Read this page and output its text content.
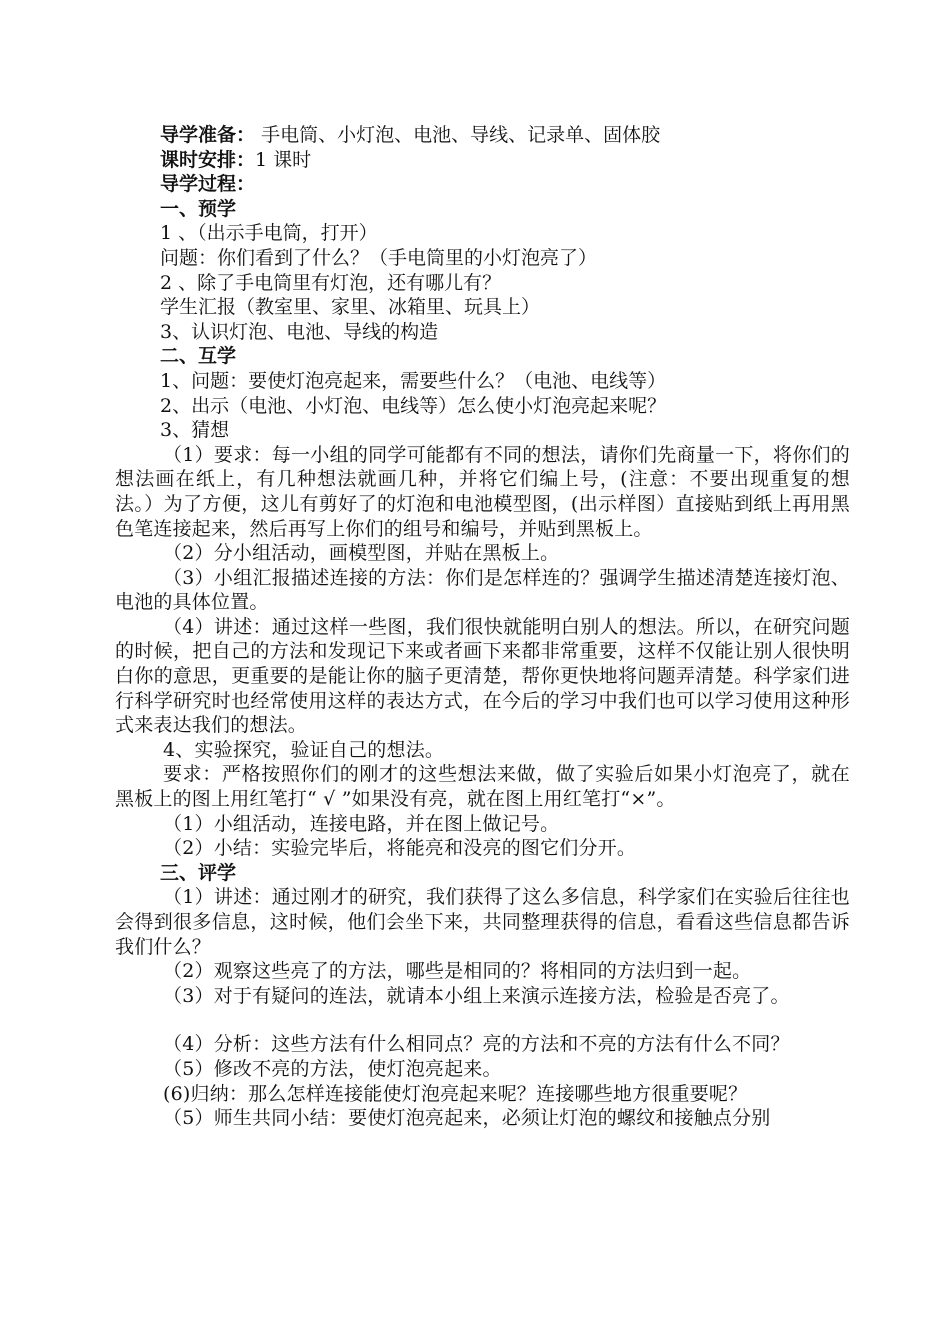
导学准备： 手电筒、小灯泡、电池、导线、记录单、固体胶
课时安排：1 课时
导学过程：
一、预学
1 、（出示手电筒，打开）
问题：你们看到了什么？（手电筒里的小灯泡亮了）
2 、除了手电筒里有灯泡，还有哪儿有？
学生汇报（教室里、家里、冰箱里、玩具上）
3、认识灯泡、电池、导线的构造
二、互学
1、问题：要使灯泡亮起来，需要些什么？（电池、电线等）
2、出示（电池、小灯泡、电线等）怎么使小灯泡亮起来呢？
3、猜想
（1）要求：每一小组的同学可能都有不同的想法，请你们先商量一下，将你们的想法画在纸上，有几种想法就画几种，并将它们编上号，(注意：不要出现重复的想法。）为了方便，这儿有剪好了的灯泡和电池模型图，(出示样图）直接贴到纸上再用黑色笔连接起来，然后再写上你们的组号和编号，并贴到黑板上。
（2）分小组活动，画模型图，并贴在黑板上。
（3）小组汇报描述连接的方法：你们是怎样连的？强调学生描述清楚连接灯泡、电池的具体位置。
（4）讲述：通过这样一些图，我们很快就能明白别人的想法。所以，在研究问题的时候，把自己的方法和发现记下来或者画下来都非常重要，这样不仅能让别人很快明白你的意思，更重要的是能让你的脑子更清楚，帮你更快地将问题弄清楚。科学家们进行科学研究时也经常使用这样的表达方式，在今后的学习中我们也可以学习使用这种形式来表达我们的想法。
4、实验探究，验证自己的想法。
要求：严格按照你们的刚才的这些想法来做，做了实验后如果小灯泡亮了，就在黑板上的图上用红笔打“ √ ”如果没有亮，就在图上用红笔打“×”。
（1）小组活动，连接电路，并在图上做记号。
（2）小结：实验完毕后，将能亮和没亮的图它们分开。
三、评学
（1）讲述：通过刚才的研究，我们获得了这么多信息，科学家们在实验后往往也会得到很多信息，这时候，他们会坐下来，共同整理获得的信息，看看这些信息都告诉我们什么？
（2）观察这些亮了的方法，哪些是相同的？将相同的方法归到一起。
（3）对于有疑问的连法，就请本小组上来演示连接方法，检验是否亮了。
（4）分析：这些方法有什么相同点？亮的方法和不亮的方法有什么不同？
（5）修改不亮的方法，使灯泡亮起来。
(6)归纳：那么怎样连接能使灯泡亮起来呢？连接哪些地方很重要呢？
（5）师生共同小结：要使灯泡亮起来，必须让灯泡的螺纹和接触点分别
